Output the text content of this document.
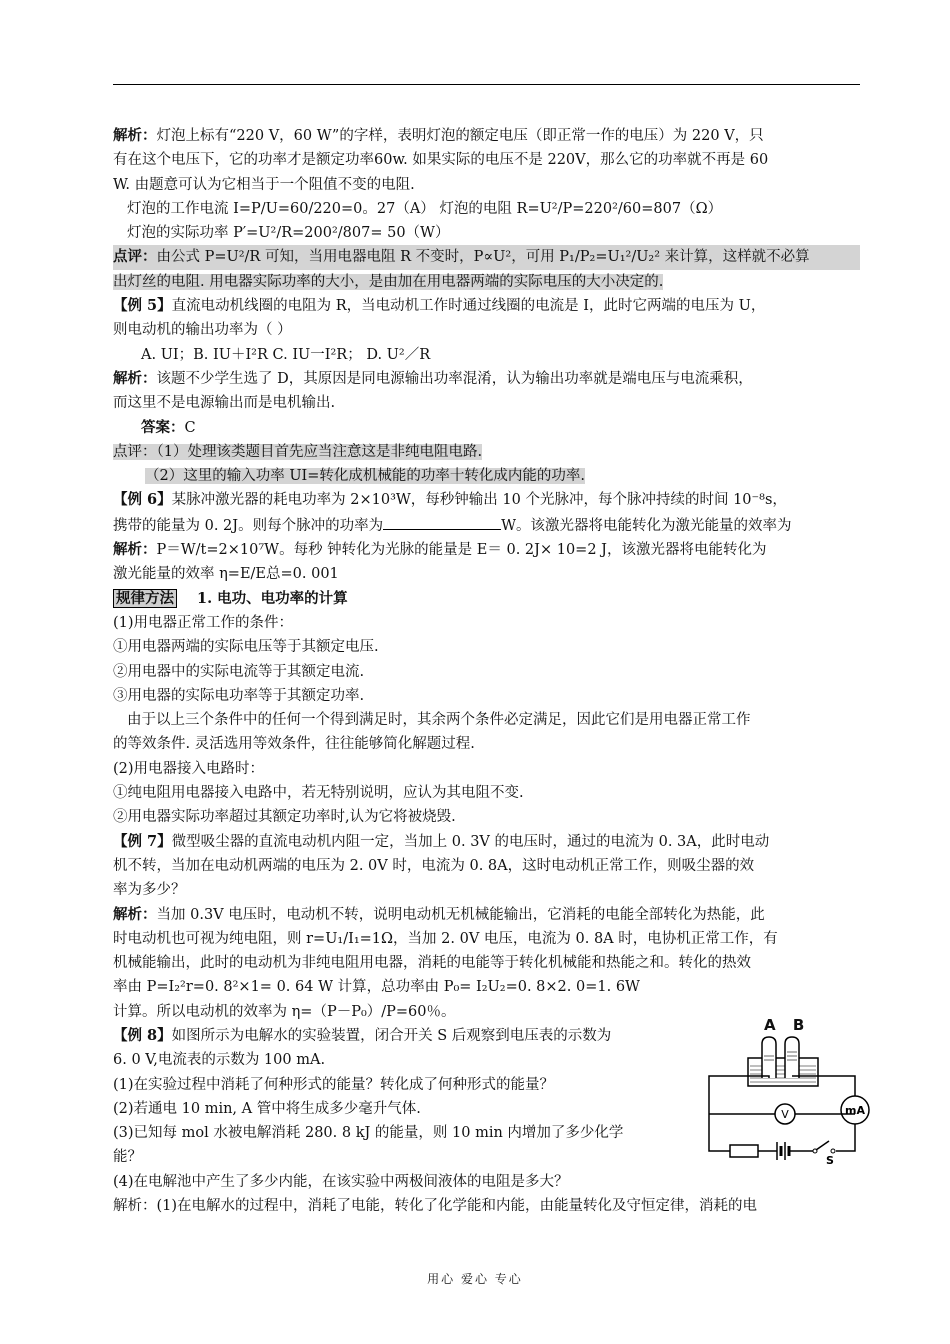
解析：灯泡上标有“220 V，60 W”的字样，表明灯泡的额定电压（即正常一作的电压）为 220 V，只

有在这个电压下，它的功率才是额定功率60w. 如果实际的电压不是 220V，那么它的功率就不再是 60

W. 由题意可认为它相当于一个阻值不变的电阻.

灯泡的工作电流 I=P/U=60/220=0。27（A） 灯泡的电阻 R=U²/P=220²/60=807（Ω）

灯泡的实际功率 P′=U²/R=200²/807= 50（W）

点评：由公式 P=U²/R 可知，当用电器电阻 R 不变时，P∝U²，可用 P₁/P₂=U₁²/U₂² 来计算，这样就不必算

出灯丝的电阻. 用电器实际功率的大小，是由加在用电器两端的实际电压的大小决定的.

【例 5】直流电动机线圈的电阻为 R，当电动机工作时通过线圈的电流是 I，此时它两端的电压为 U，

则电动机的输出功率为（ ）

A. UI；B. IU＋I²R C. IU一I²R； D. U²／R

解析：该题不少学生选了 D，其原因是同电源输出功率混淆，认为输出功率就是端电压与电流乘积，

而这里不是电源输出而是电机输出.

答案：C

点评：（1）处理该类题目首先应当注意这是非纯电阻电路.

（2）这里的输入功率 UI=转化成机械能的功率十转化成内能的功率.

【例 6】某脉冲激光器的耗电功率为 2×10³W，每秒钟输出 10 个光脉冲，每个脉冲持续的时间 10⁻⁸s，

携带的能量为 0. 2J。则每个脉冲的功率为	W。该激光器将电能转化为激光能量的效率为

解析：P＝W/t=2×10⁷W。每秒 钟转化为光脉的能量是 E＝ 0. 2J× 10=2 J，该激光器将电能转化为

激光能量的效率 η=E/E总=0. 001

规律方法 1. 电功、电功率的计算

(1)用电器正常工作的条件：

①用电器两端的实际电压等于其额定电压.

②用电器中的实际电流等于其额定电流.

③用电器的实际电功率等于其额定功率.

由于以上三个条件中的任何一个得到满足时，其余两个条件必定满足，因此它们是用电器正常工作

的等效条件. 灵活选用等效条件，往往能够简化解题过程.

(2)用电器接入电路时：

①纯电阻用电器接入电路中，若无特别说明，应认为其电阻不变.

②用电器实际功率超过其额定功率时,认为它将被烧毁.

【例 7】微型吸尘器的直流电动机内阻一定，当加上 0. 3V 的电压时，通过的电流为 0. 3A，此时电动

机不转，当加在电动机两端的电压为 2. 0V 时，电流为 0. 8A，这时电动机正常工作，则吸尘器的效

率为多少？

解析：当加 0.3V 电压时，电动机不转，说明电动机无机械能输出，它消耗的电能全部转化为热能，此

时电动机也可视为纯电阻，则 r=U₁/I₁=1Ω，当加 2. 0V 电压，电流为 0. 8A 时，电协机正常工作，有

机械能输出，此时的电动机为非纯电阻用电器，消耗的电能等于转化机械能和热能之和。转化的热效

率由 P=I₂²r=0. 8²×1= 0. 64 W 计算，总功率由 P₀= I₂U₂=0. 8×2. 0=1. 6W

计算。所以电动机的效率为 η=（P－P₀）/P=60％。

【例 8】如图所示为电解水的实验装置，闭合开关 S 后观察到电压表的示数为

6. 0 V,电流表的示数为 100 mA.

(1)在实验过程中消耗了何种形式的能量？转化成了何种形式的能量？

(2)若通电 10 min, A 管中将生成多少毫升气体.

(3)已知每 mol 水被电解消耗 280. 8 kJ 的能量，则 10 min 内增加了多少化学

能？

(4)在电解池中产生了多少内能，在该实验中两极间液体的电阻是多大？

解析：(1)在电解水的过程中，消耗了电能，转化了化学能和内能，由能量转化及守恒定律，消耗的电

A B
mA
V
S
用心 爱心 专心
